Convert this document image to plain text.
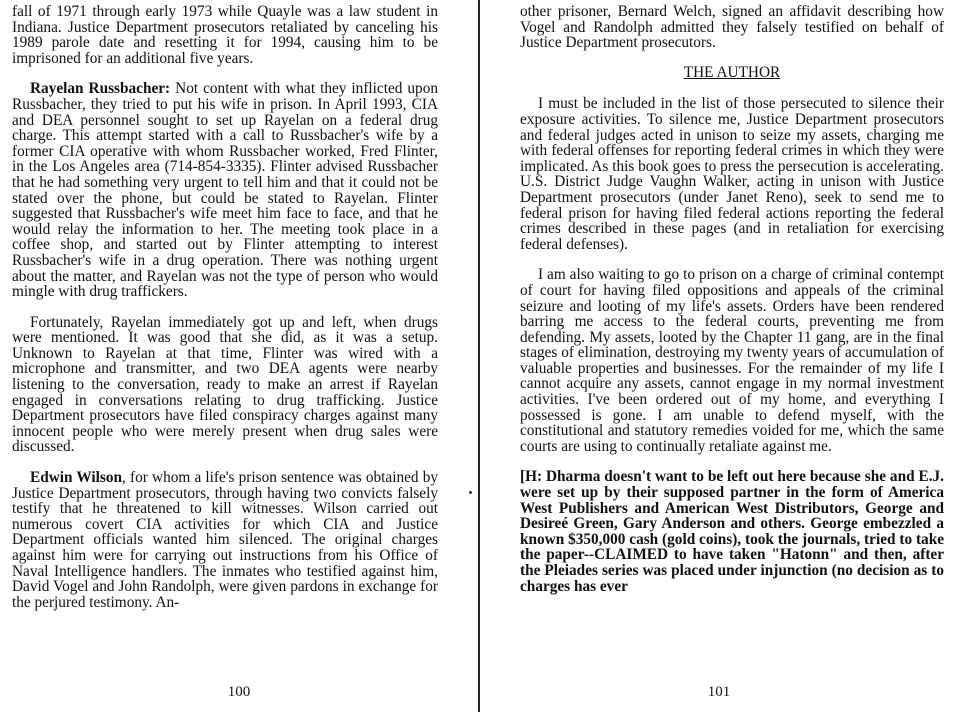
fall of 1971 through early 1973 while Quayle was a law student in Indiana. Justice Department prosecutors retaliated by canceling his 1989 parole date and resetting it for 1994, causing him to be imprisoned for an additional five years.

Rayelan Russbacher: Not content with what they inflicted upon Russbacher, they tried to put his wife in prison. In April 1993, CIA and DEA personnel sought to set up Rayelan on a federal drug charge. This attempt started with a call to Russbacher's wife by a former CIA operative with whom Russbacher worked, Fred Flinter, in the Los Angeles area (714-854-3335). Flinter advised Russbacher that he had something very urgent to tell him and that it could not be stated over the phone, but could be stated to Rayelan. Flinter suggested that Russbacher's wife meet him face to face, and that he would relay the information to her. The meeting took place in a coffee shop, and started out by Flinter attempting to interest Russbacher's wife in a drug operation. There was nothing urgent about the matter, and Rayelan was not the type of person who would mingle with drug traffickers.

Fortunately, Rayelan immediately got up and left, when drugs were mentioned. It was good that she did, as it was a setup. Unknown to Rayelan at that time, Flinter was wired with a microphone and transmitter, and two DEA agents were nearby listening to the conversation, ready to make an arrest if Rayelan engaged in conversations relating to drug trafficking. Justice Department prosecutors have filed conspiracy charges against many innocent people who were merely present when drug sales were discussed.

Edwin Wilson, for whom a life's prison sentence was obtained by Justice Department prosecutors, through having two convicts falsely testify that he threatened to kill witnesses. Wilson carried out numerous covert CIA activities for which CIA and Justice Department officials wanted him silenced. The original charges against him were for carrying out instructions from his Office of Naval Intelligence handlers. The inmates who testified against him, David Vogel and John Randolph, were given pardons in exchange for the perjured testimony. An-

100

other prisoner, Bernard Welch, signed an affidavit describing how Vogel and Randolph admitted they falsely testified on behalf of Justice Department prosecutors.

THE AUTHOR

I must be included in the list of those persecuted to silence their exposure activities. To silence me, Justice Department prosecutors and federal judges acted in unison to seize my assets, charging me with federal offenses for reporting federal crimes in which they were implicated. As this book goes to press the persecution is accelerating. U.S. District Judge Vaughn Walker, acting in unison with Justice Department prosecutors (under Janet Reno), seek to send me to federal prison for having filed federal actions reporting the federal crimes described in these pages (and in retaliation for exercising federal defenses).

I am also waiting to go to prison on a charge of criminal contempt of court for having filed oppositions and appeals of the criminal seizure and looting of my life's assets. Orders have been rendered barring me access to the federal courts, preventing me from defending. My assets, looted by the Chapter 11 gang, are in the final stages of elimination, destroying my twenty years of accumulation of valuable properties and businesses. For the remainder of my life I cannot acquire any assets, cannot engage in my normal investment activities. I've been ordered out of my home, and everything I possessed is gone. I am unable to defend myself, with the constitutional and statutory remedies voided for me, which the same courts are using to continually retaliate against me.

[H: Dharma doesn't want to be left out here because she and E.J. were set up by their supposed partner in the form of America West Publishers and American West Distributors, George and Desireé Green, Gary Anderson and others. George embezzled a known $350,000 cash (gold coins), took the journals, tried to take the paper--CLAIMED to have taken "Hatonn" and then, after the Pleiades series was placed under injunction (no decision as to charges has ever

101
